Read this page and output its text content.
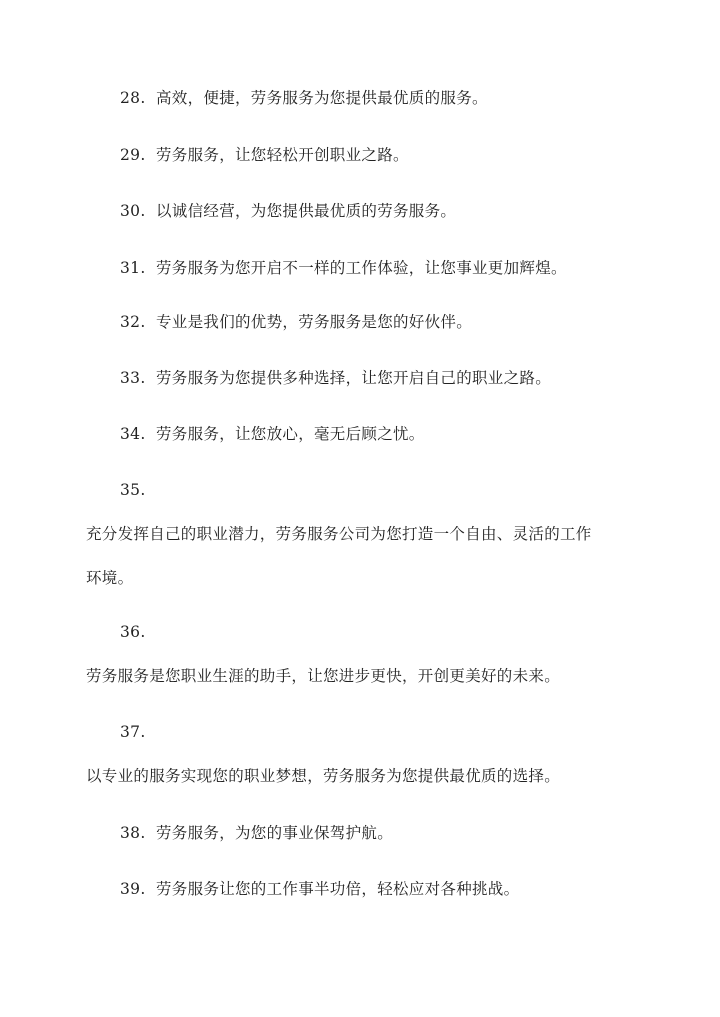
28. 高效，便捷，劳务服务为您提供最优质的服务。
29. 劳务服务，让您轻松开创职业之路。
30. 以诚信经营，为您提供最优质的劳务服务。
31. 劳务服务为您开启不一样的工作体验，让您事业更加辉煌。
32. 专业是我们的优势，劳务服务是您的好伙伴。
33. 劳务服务为您提供多种选择，让您开启自己的职业之路。
34. 劳务服务，让您放心，毫无后顾之忧。
35.
充分发挥自己的职业潜力，劳务服务公司为您打造一个自由、灵活的工作
环境。
36.
劳务服务是您职业生涯的助手，让您进步更快，开创更美好的未来。
37.
以专业的服务实现您的职业梦想，劳务服务为您提供最优质的选择。
38. 劳务服务，为您的事业保驾护航。
39. 劳务服务让您的工作事半功倍，轻松应对各种挑战。
